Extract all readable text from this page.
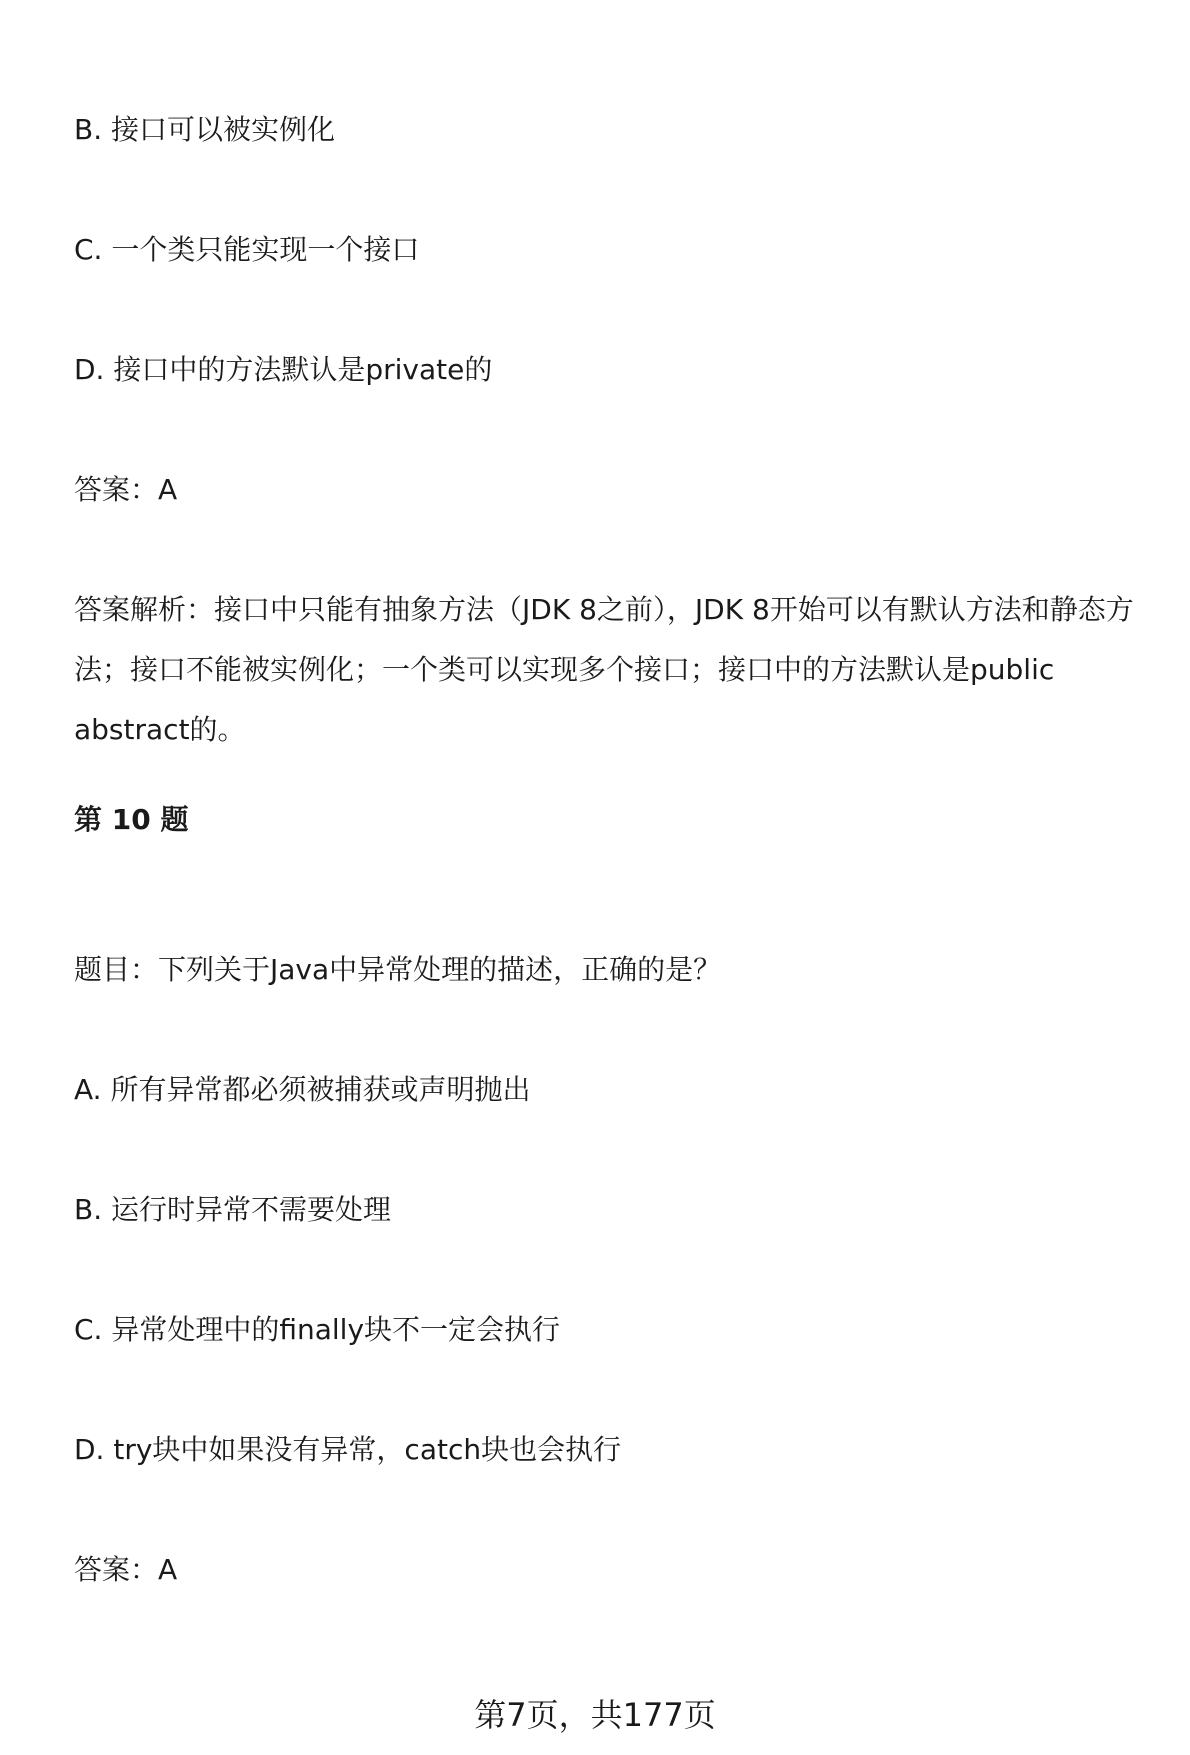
B. 接口可以被实例化
C. 一个类只能实现一个接口
D. 接口中的方法默认是private的
答案：A
答案解析：接口中只能有抽象方法（JDK 8之前），JDK 8开始可以有默认方法和静态方法；接口不能被实例化；一个类可以实现多个接口；接口中的方法默认是public abstract的。
第 10 题
题目：下列关于Java中异常处理的描述，正确的是？
A. 所有异常都必须被捕获或声明抛出
B. 运行时异常不需要处理
C. 异常处理中的finally块不一定会执行
D. try块中如果没有异常，catch块也会执行
答案：A
第7页，共177页
